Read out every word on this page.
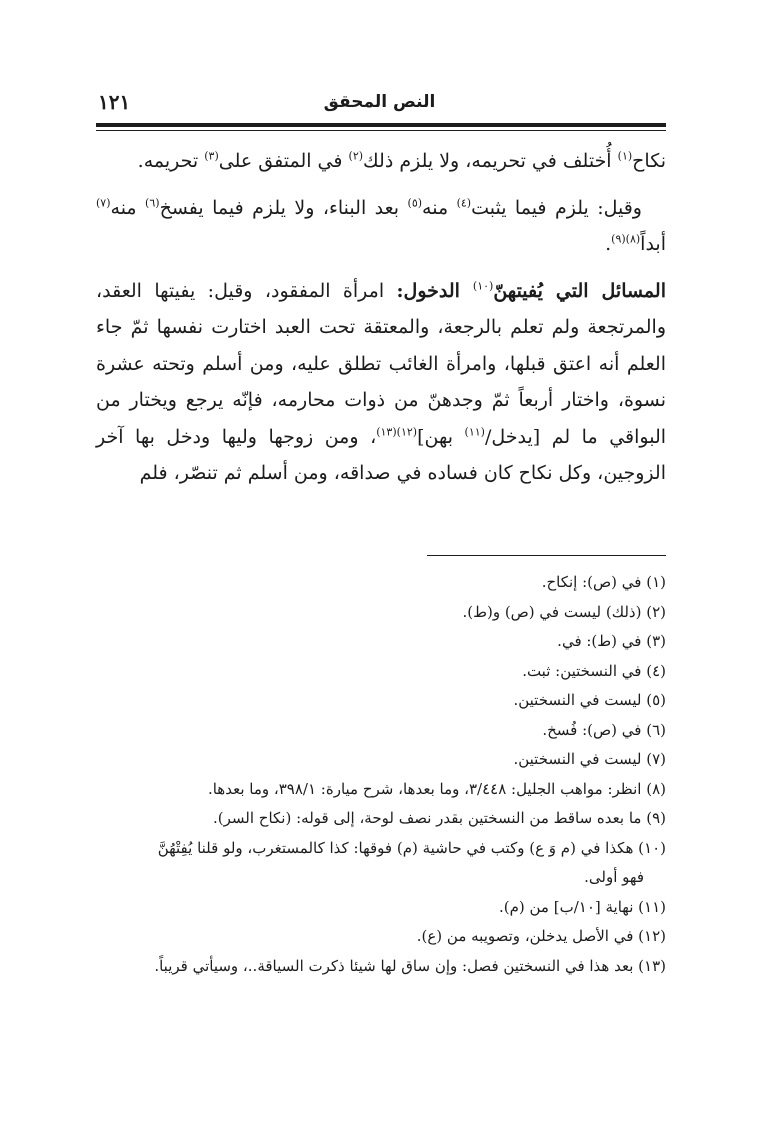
النص المحقق
١٢١

نكاح$^{(١)}$ أُختلف في تحريمه، ولا يلزم ذلك$^{(٢)}$ في المتفق على$^{(٣)}$ تحريمه.

وقيل: يلزم فيما يثبت$^{(٤)}$ منه$^{(٥)}$ بعد البناء، ولا يلزم فيما يفسخ$^{(٦)}$ منه$^{(٧)}$ أبداً$^{(٨)(٩)}$.

المسائل التي يُفيتهنّ$^{(١٠)}$ الدخول: امرأة المفقود، وقيل: يفيتها العقد، والمرتجعة ولم تعلم بالرجعة، والمعتقة تحت العبد اختارت نفسها ثمّ جاء العلم أنه اعتق قبلها، وامرأة الغائب تطلق عليه، ومن أسلم وتحته عشرة نسوة، واختار أربعاً ثمّ وجدهنّ من ذوات محارمه، فإنّه يرجع ويختار من البواقي ما لم [يدخل/$^{(١١)}$ بهن]$^{(١٢)(١٣)}$، ومن زوجها وليها ودخل بها آخر الزوجين، وكل نكاح كان فساده في صداقه، ومن أسلم ثم تنصّر، فلم

(١) في (ص): إنكاح.
(٢) (ذلك) ليست في (ص) و(ط).
(٣) في (ط): في.
(٤) في النسختين: ثبت.
(٥) ليست في النسختين.
(٦) في (ص): فُسخ.
(٧) ليست في النسختين.
(٨) انظر: مواهب الجليل: ٣/٤٤٨، وما بعدها، شرح ميارة: ٣٩٨/١، وما بعدها.
(٩) ما بعده ساقط من النسختين بقدر نصف لوحة، إلى قوله: (نكاح السر).
(١٠) هكذا في (م وَ ع) وكتب في حاشية (م) فوقها: كذا كالمستغرب، ولو قلنا يُفِتْهُنَّ
فهو أولى.
(١١) نهاية [١٠/ب] من (م).
(١٢) في الأصل يدخلن، وتصويبه من (ع).
(١٣) بعد هذا في النسختين فصل: وإن ساق لها شيئا ذكرت السياقة..، وسيأتي قريباً.
